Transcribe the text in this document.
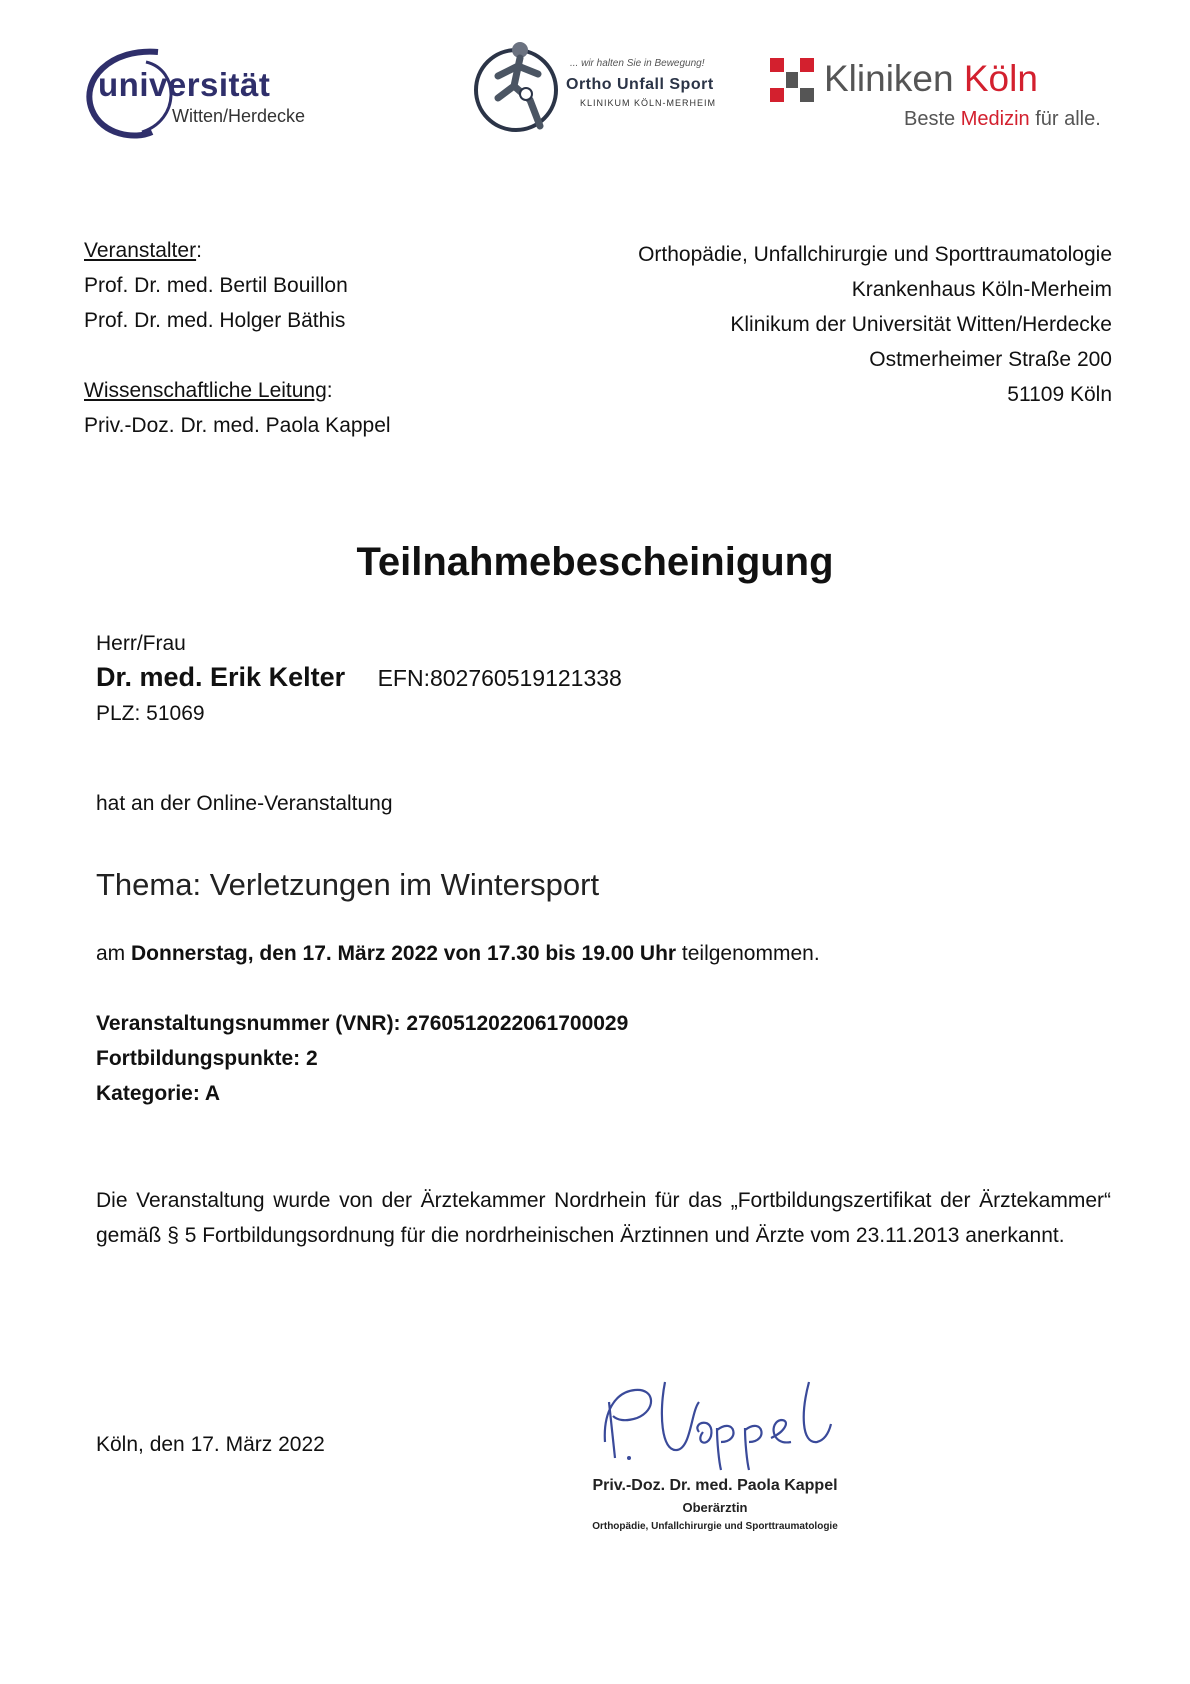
universität
Witten/Herdecke
... wir halten Sie in Bewegung!
Ortho Unfall Sport
KLINIKUM KÖLN-MERHEIM
Kliniken Köln
Beste Medizin für alle.
Veranstalter:
Prof. Dr. med. Bertil Bouillon
Prof. Dr. med. Holger Bäthis
Wissenschaftliche Leitung:
Priv.-Doz. Dr. med. Paola Kappel
Orthopädie, Unfallchirurgie und Sporttraumatologie
Krankenhaus Köln-Merheim
Klinikum der Universität Witten/Herdecke
Ostmerheimer Straße 200
51109 Köln
Teilnahmebescheinigung
Herr/Frau
Dr. med. Erik Kelter EFN:802760519121338
PLZ: 51069
hat an der Online-Veranstaltung
Thema: Verletzungen im Wintersport
am Donnerstag, den 17. März 2022 von 17.30 bis 19.00 Uhr teilgenommen.
Veranstaltungsnummer (VNR): 2760512022061700029
Fortbildungspunkte: 2
Kategorie: A
Die Veranstaltung wurde von der Ärztekammer Nordrhein für das „Fortbildungszertifikat der Ärztekammer“ gemäß § 5 Fortbildungsordnung für die nordrheinischen Ärztinnen und Ärzte vom 23.11.2013 anerkannt.
Köln, den 17. März 2022
Priv.-Doz. Dr. med. Paola Kappel
Oberärztin
Orthopädie, Unfallchirurgie und Sporttraumatologie
